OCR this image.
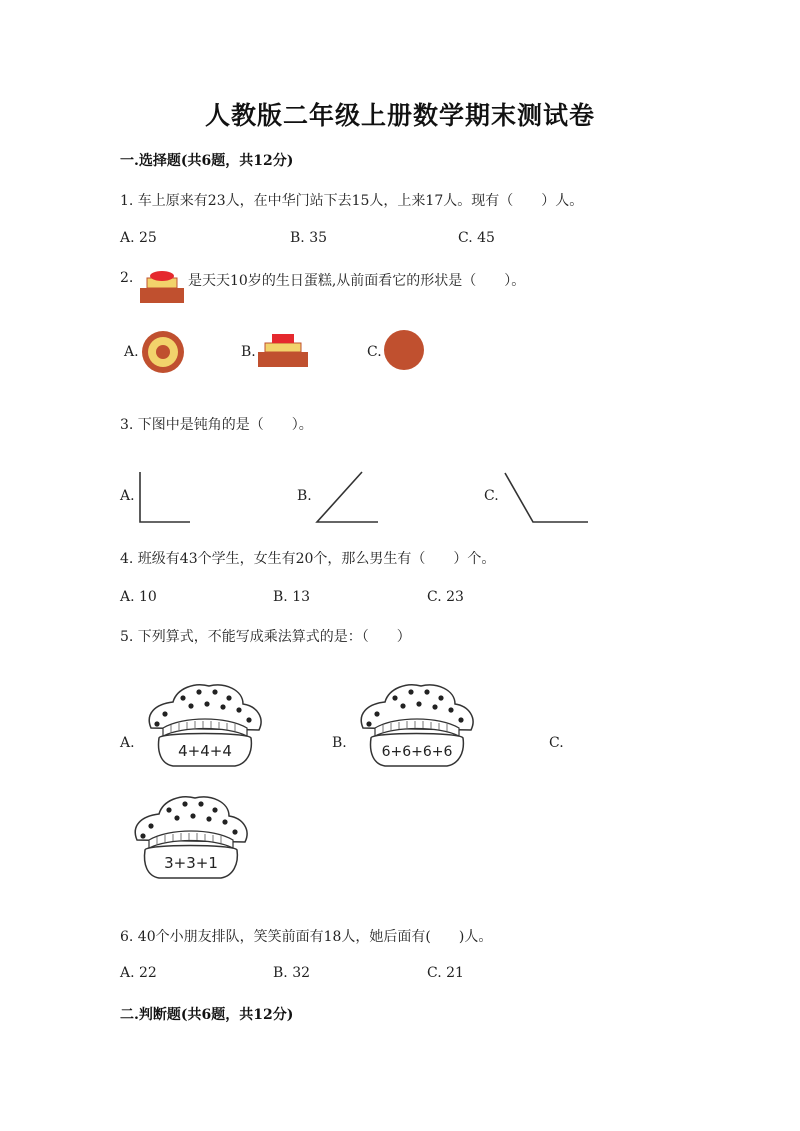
人教版二年级上册数学期末测试卷
一.选择题(共6题，共12分)
1. 车上原来有23人，在中华门站下去15人，上来17人。现有（　　）人。
A. 25	B. 35	C. 45
2.	是天天10岁的生日蛋糕,从前面看它的形状是（　　）。
A.	B.	C.
3. 下图中是钝角的是（　　）。
A.	B.	C.
4. 班级有43个学生，女生有20个，那么男生有（　　）个。
A. 10	B. 13	C. 23
5. 下列算式，不能写成乘法算式的是：（　　）
A.	B.	C.
4+4+4	6+6+6+6
3+3+1
6. 40个小朋友排队，笑笑前面有18人，她后面有(　　)人。
A. 22	B. 32	C. 21
二.判断题(共6题，共12分)
